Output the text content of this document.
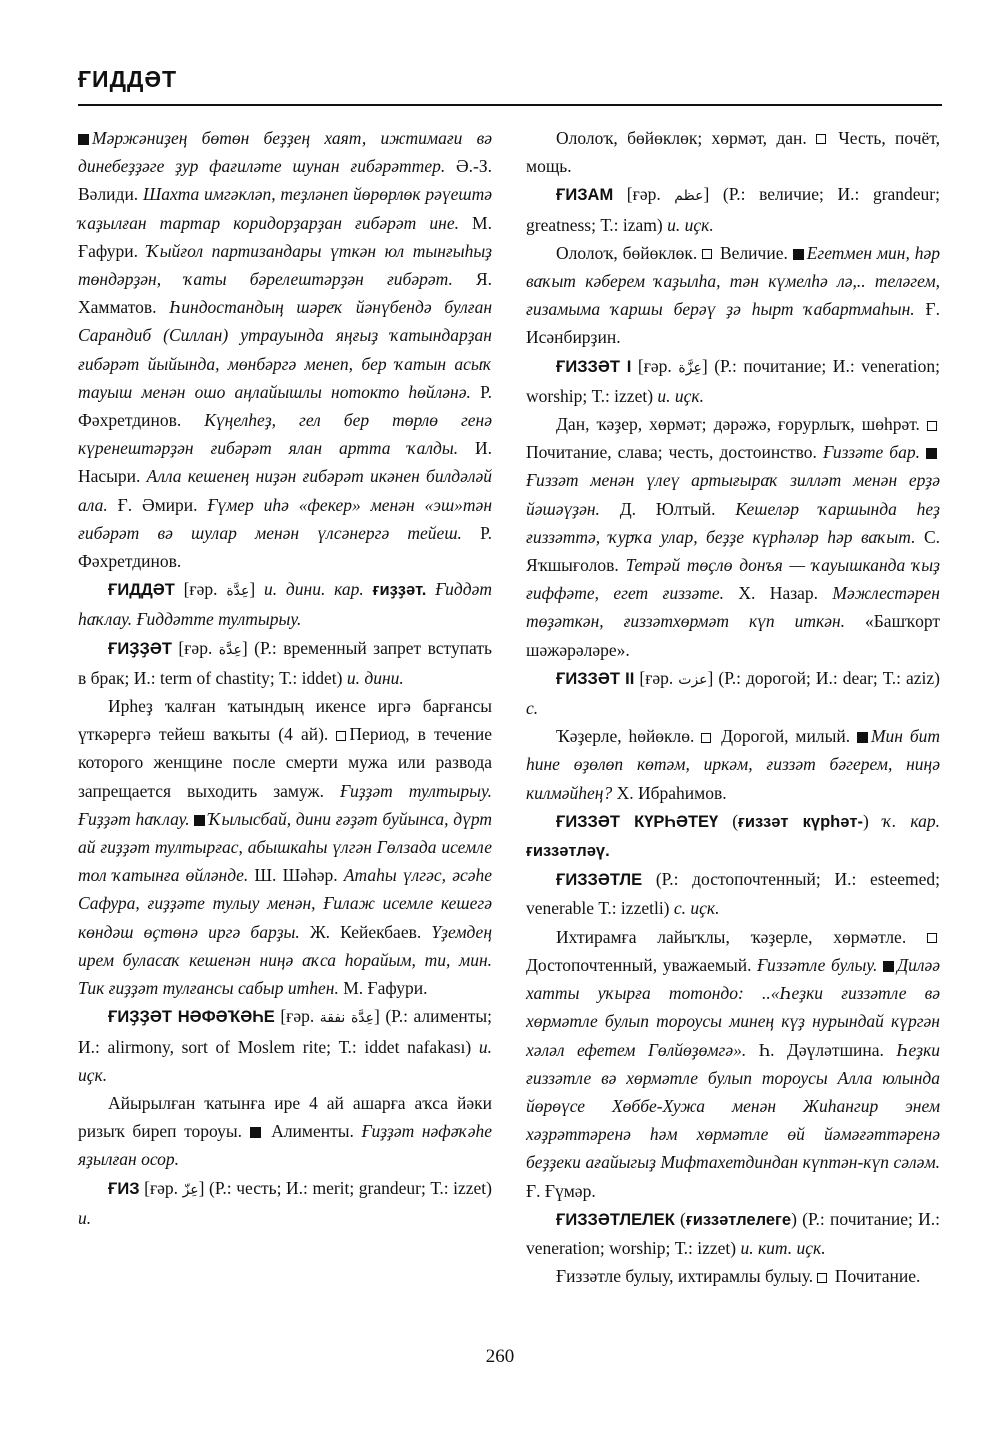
ҒИДДӘТ

Мәржәниҙең бөтөн беҙҙең хаят, ижтимағи вә динебеҙҙәге ҙур фағиләте шунан ғибәрәттер. Ә.-З. Вәлиди. Шахта имгәкләп, теҙләнеп йөрөрлөк рәүештә ҡаҙылған тартар коридорҙарҙан ғибәрәт ине. М. Ғафури. Ҡыйғол партизандары үткән юл тынғыһыҙ төндәрҙән, ҡаты бәрелештәрҙән ғибәрәт. Я. Хамматов. Һиндостандың шәреҡ йәнүбендә булған Сарандиб (Силлан) утрауында яңғыҙ ҡатындарҙан ғибәрәт йыйында, мөнбәргә менеп, бер ҡатын асыҡ тауыш менән ошо аңлайышлы нотокто һөйләнә. Р. Фәхретдинов. Күңелһеҙ, гел бер төрлө генә күренештәрҙән ғибәрәт ялан артта ҡалды. И. Насыри. Алла кешенең ниҙән ғибәрәт икәнен билдәләй ала. Ғ. Әмири. Ғүмер иһә «фекер» менән «эш»тән ғибәрәт вә шулар менән үлсәнергә тейеш. Р. Фәхретдинов.

ҒИДДӘТ [ғәр. عِدَّة] и. дини. кар. ғиҙҙәт. Ғиддәт һаҡлау. Ғиддәтте тултырыу.

ҒИҘҘӘТ [ғәр. عِدَّة] (Р.: временный запрет вступать в брак; И.: term of chastity; Т.: iddet) и. дини.

Ирһеҙ ҡалған ҡатындың икенсе иргә барғансы үткәрергә тейеш ваҡыты (4 ай). Период, в течение которого женщине после смерти мужа или развода запрещается выходить замуж. Ғиҙҙәт тултырыу. Ғиҙҙәт һаҡлау. Ҡылысбай, дини ғәҙәт буйынса, дүрт ай ғиҙҙәт тултырғас, абышкаһы үлгән Гөлзада исемле тол ҡатынға өйләндe. Ш. Шәһәр. Атаһы үлгәс, әсәһе Сафура, ғиҙҙәте тулыу менән, Ғилаж исемле кешегә көндәш өҫтөнә иргә барҙы. Ж. Кейекбаев. Үҙемдең ирем буласаҡ кешенән ниңә аҡса һорайым, ти, мин. Тик ғиҙҙәт тулғансы сабыр итһен. М. Ғафури.

ҒИҘҘӘТ НӘФӘҠӘҺЕ [ғәр. عِدَّة نفقة] (Р.: алименты; И.: alirmony, sort of Moslem rite; Т.: iddet nafakası) и. иҫк.

Айырылған ҡатынға ире 4 ай ашарға аҡса йәки ризыҡ биреп тороуы.  Алименты. Ғиҙҙәт нәфәҡәһе яҙылған осор.

ҒИЗ [ғәр. عِزّ] (Р.: честь; И.: merit; grandeur; Т.: izzet) и.

Ололоҡ, бөйөклөк; хөрмәт, дан.  Честь, почёт, мощь.

ҒИЗАМ [ғәр. عظم] (Р.: величие; И.: grandeur; greatness; Т.: izam) и. иҫк.

Ололоҡ, бөйөклөк.  Величие. Егетмен мин, һәр ваҡыт кәберем ҡаҙылһа, тән күмелһә лә,.. теләгем, ғизамыма ҡаршы берәү ҙә һырт ҡабартмаһын. Ғ. Исәнбирҙин.

ҒИЗЗӘТ I [ғәр. عِزَّة] (Р.: почитание; И.: veneration; worship; Т.: izzet) и. иҫк.

Дан, ҡәҙер, хөрмәт; дәрәжә, ғорурлыҡ, шөһрәт.  Почитание, слава; честь, достоинство. Ғиззәте бар. Ғиззәт менән үлеү артығыраҡ зилләт менән ерҙә йәшәүҙән. Д. Юлтый. Кешеләр ҡаршында һеҙ ғиззәттә, ҡурҡа улар, беҙҙе күрһәләр һәр ваҡыт. С. Яҡшығолов. Тетрәй төҫлө донъя — ҡауышканда ҡыҙ ғиффәте, егет ғиззәте. Х. Назар. Мәжлестәрен төҙәткән, ғиззәтхөрмәт күп иткән. «Башҡорт шәжәрәләре».

ҒИЗЗӘТ II [ғәр. عزت] (Р.: дорогой; И.: dear; Т.: aziz) с.

Ҡәҙерле, һөйөклө.  Дорогой, милый. Мин бит һине өҙөлөп көтәм, иркәм, ғиззәт бәгерем, ниңә килмәйһең? Х. Ибраһимов.

ҒИЗЗӘТ КҮРҺӘТЕҮ (ғиззәт күрһәт-) ҡ. кар. ғиззәтләү.

ҒИЗЗӘТЛЕ (Р.: достопочтенный; И.: esteemed; venerable Т.: izzetli) с. иҫк.

Ихтирамға лайыҡлы, ҡәҙерле, хөрмәтле.  Достопочтенный, уважаемый. Ғиззәтле булыу. Диләә хатты уҡырға тотондо: ..«Һеҙки ғиззәтле вә хөрмәтле булып тороусы минең күҙ нурындай күргән хәләл ефетем Гөлйөҙөмгә». Һ. Дәүләтшина. Һеҙки ғиззәтле вә хөрмәтле булып тороусы Алла юлында йөрөүсе Хөббе-Хужа менән Жиһангир энем хәҙрәттәренә һәм хөрмәтле өй йәмәғәттәренә беҙҙеки ағайыгыҙ Мифтахетдиндан күптән-күп сәләм. Ғ. Ғүмәр.

ҒИЗЗӘТЛЕЛЕК (ғиззәтлелеге) (Р.: почитание; И.: veneration; worship; Т.: izzet) и. кит. иҫк.

Ғиззәтле булыу, ихтирамлы булыу.  Почитание.

260
